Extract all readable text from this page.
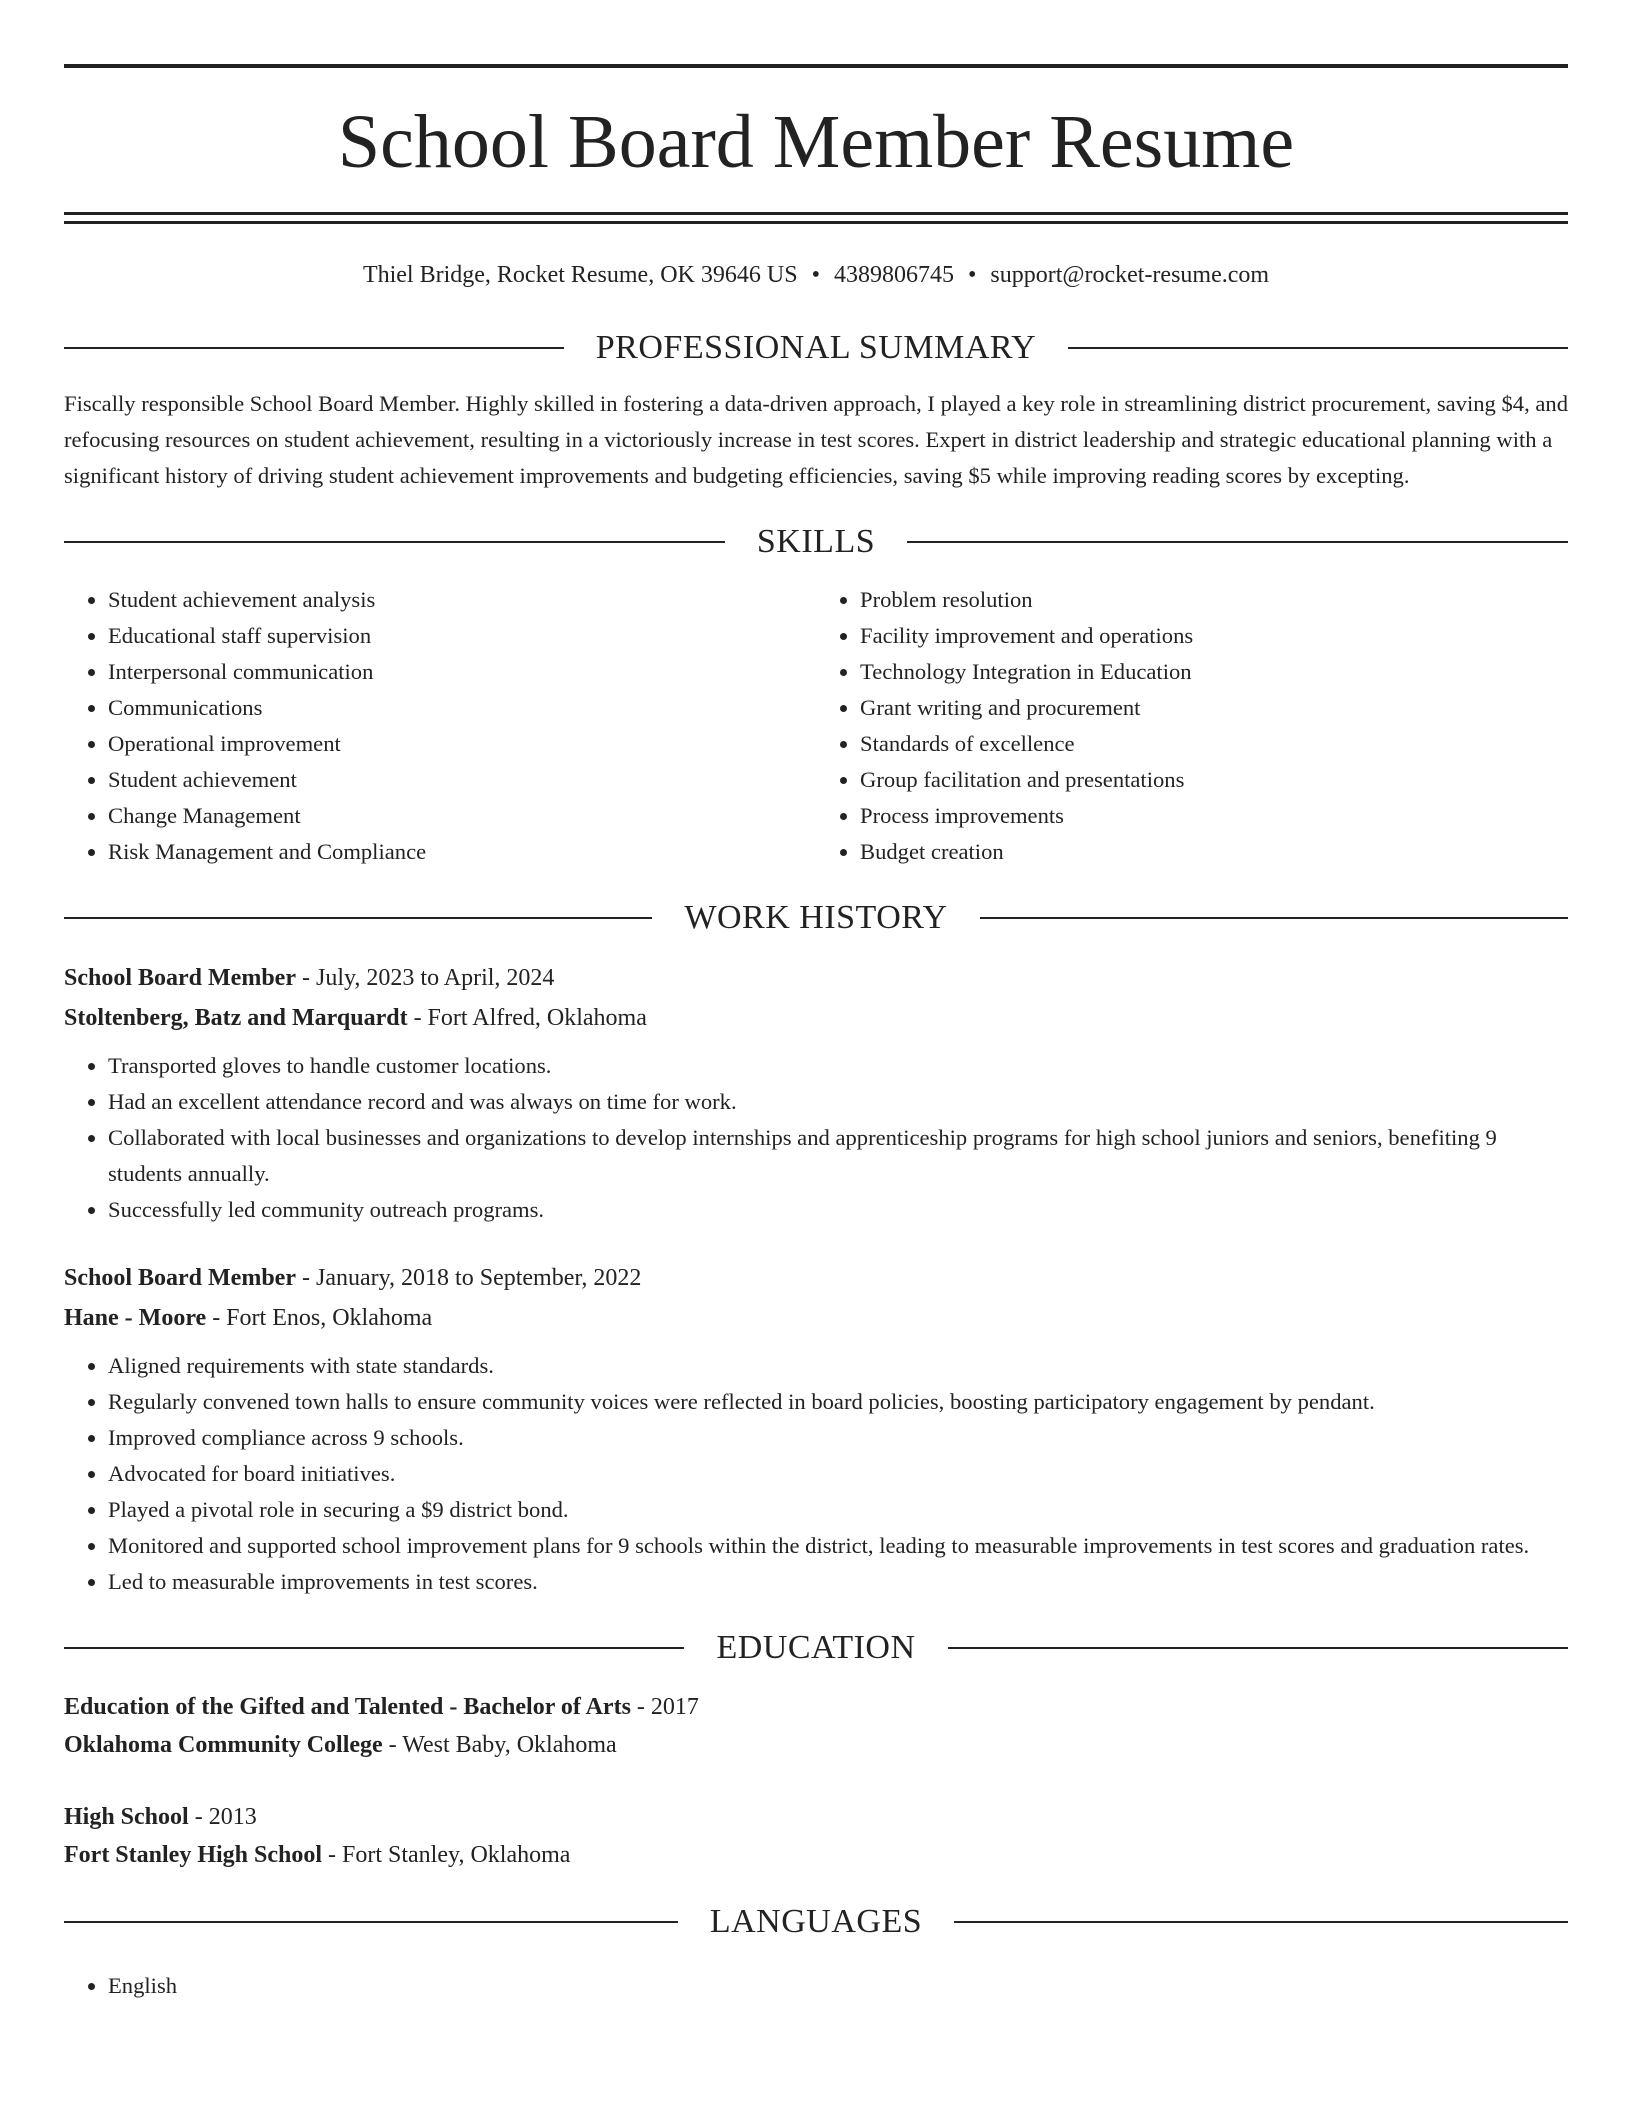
School Board Member Resume
Thiel Bridge, Rocket Resume, OK 39646 US • 4389806745 • support@rocket-resume.com
PROFESSIONAL SUMMARY

Fiscally responsible School Board Member. Highly skilled in fostering a data-driven approach, I played a key role in streamlining district procurement, saving $4, and refocusing resources on student achievement, resulting in a victoriously increase in test scores. Expert in district leadership and strategic educational planning with a significant history of driving student achievement improvements and budgeting efficiencies, saving $5 while improving reading scores by excepting.

SKILLS
• Student achievement analysis
• Educational staff supervision
• Interpersonal communication
• Communications
• Operational improvement
• Student achievement
• Change Management
• Risk Management and Compliance
• Problem resolution
• Facility improvement and operations
• Technology Integration in Education
• Grant writing and procurement
• Standards of excellence
• Group facilitation and presentations
• Process improvements
• Budget creation
WORK HISTORY
School Board Member - July, 2023 to April, 2024
Stoltenberg, Batz and Marquardt - Fort Alfred, Oklahoma
• Transported gloves to handle customer locations.
• Had an excellent attendance record and was always on time for work.
• Collaborated with local businesses and organizations to develop internships and apprenticeship programs for high school juniors and seniors, benefiting 9 students annually.
• Successfully led community outreach programs.
School Board Member - January, 2018 to September, 2022
Hane - Moore - Fort Enos, Oklahoma
• Aligned requirements with state standards.
• Regularly convened town halls to ensure community voices were reflected in board policies, boosting participatory engagement by pendant.
• Improved compliance across 9 schools.
• Advocated for board initiatives.
• Played a pivotal role in securing a $9 district bond.
• Monitored and supported school improvement plans for 9 schools within the district, leading to measurable improvements in test scores and graduation rates.
• Led to measurable improvements in test scores.
EDUCATION
Education of the Gifted and Talented - Bachelor of Arts - 2017
Oklahoma Community College - West Baby, Oklahoma
High School - 2013
Fort Stanley High School - Fort Stanley, Oklahoma
LANGUAGES
• English
